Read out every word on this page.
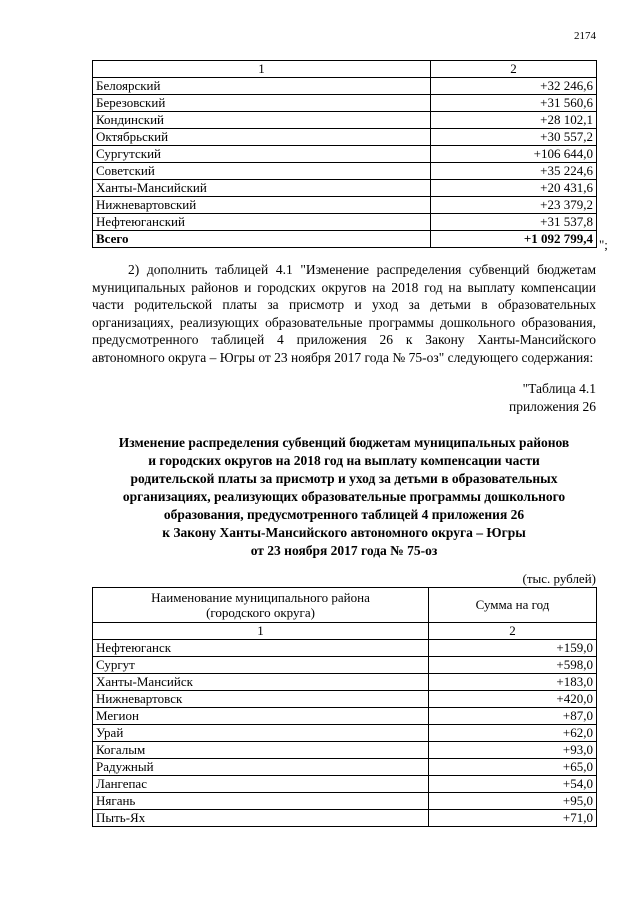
2174
1	2
Белоярский	+32 246,6
Березовский	+31 560,6
Кондинский	+28 102,1
Октябрьский	+30 557,2
Сургутский	+106 644,0
Советский	+35 224,6
Ханты-Мансийский	+20 431,6
Нижневартовский	+23 379,2
Нефтеюганский	+31 537,8
Всего	+1 092 799,4 ";
2) дополнить таблицей 4.1 "Изменение распределения субвенций бюджетам муниципальных районов и городских округов на 2018 год на выплату компенсации части родительской платы за присмотр и уход за детьми в образовательных организациях, реализующих образовательные программы дошкольного образования, предусмотренного таблицей 4 приложения 26 к Закону Ханты-Мансийского автономного округа – Югры от 23 ноября 2017 года № 75-оз" следующего содержания:
"Таблица 4.1
приложения 26
Изменение распределения субвенций бюджетам муниципальных районов
и городских округов на 2018 год на выплату компенсации части
родительской платы за присмотр и уход за детьми в образовательных
организациях, реализующих образовательные программы дошкольного
образования, предусмотренного таблицей 4 приложения 26
к Закону Ханты-Мансийского автономного округа – Югры
от 23 ноября 2017 года № 75-оз
(тыс. рублей)
Наименование муниципального района
(городского округа)	Сумма на год
1	2
Нефтеюганск	+159,0
Сургут	+598,0
Ханты-Мансийск	+183,0
Нижневартовск	+420,0
Мегион	+87,0
Урай	+62,0
Когалым	+93,0
Радужный	+65,0
Лангепас	+54,0
Нягань	+95,0
Пыть-Ях	+71,0
